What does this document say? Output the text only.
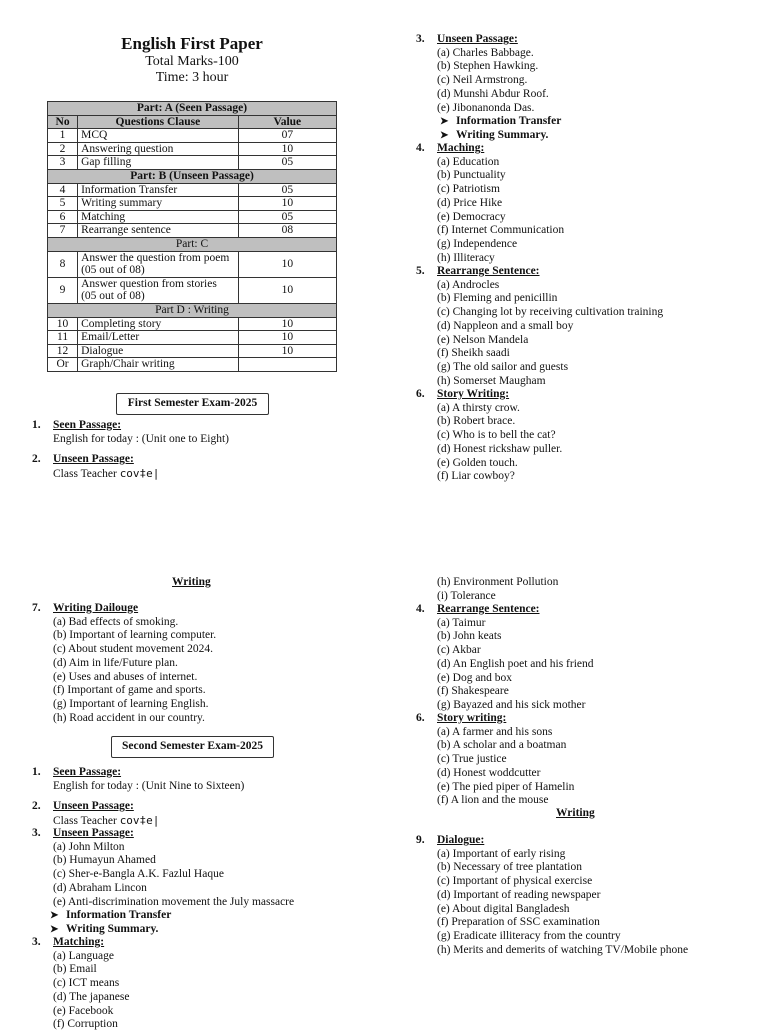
English First Paper
Total Marks-100
Time: 3 hour
Part: A (Seen Passage)		
No	Questions Clause	Value
1	MCQ	07
2	Answering question	10
3	Gap filling	05
Part: B (Unseen Passage)		
4	Information Transfer	05
5	Writing summary	10
6	Matching	05
7	Rearrange sentence	08
Part: C		
8	Answer the question from poem (05 out of 08)	10
9	Answer question from stories (05 out of 08)	10
Part D : Writing		
10	Completing story	10
11	Email/Letter	10
12	Dialogue	10
Or	Graph/Chair writing	
First Semester Exam-2025
1. Seen Passage:
English for today : (Unit one to Eight)
2. Unseen Passage:
Class Teacher cov‡e|
3. Unseen Passage:
(a) Charles Babbage.
(b) Stephen Hawking.
(c) Neil Armstrong.
(d) Munshi Abdur Roof.
(e) Jibonanonda Das.
➤ Information Transfer
➤ Writing Summary.
4. Maching:
(a) Education
(b) Punctuality
(c) Patriotism
(d) Price Hike
(e) Democracy
(f) Internet Communication
(g) Independence
(h) Illiteracy
5. Rearrange Sentence:
(a) Androcles
(b) Fleming and penicillin
(c) Changing lot by receiving cultivation training
(d) Nappleon and a small boy
(e) Nelson Mandela
(f) Sheikh saadi
(g) The old sailor and guests
(h) Somerset Maugham
6. Story Writing:
(a) A thirsty crow.
(b) Robert brace.
(c) Who is to bell the cat?
(d) Honest rickshaw puller.
(e) Golden touch.
(f) Liar cowboy?
Writing
7. Writing Dailouge
(a) Bad effects of smoking.
(b) Important of learning computer.
(c) About student movement 2024.
(d) Aim in life/Future plan.
(e) Uses and abuses of internet.
(f) Important of game and sports.
(g) Important of learning English.
(h) Road accident in our country.
Second Semester Exam-2025
1. Seen Passage:
English for today : (Unit Nine to Sixteen)
2. Unseen Passage:
Class Teacher cov‡e|
3. Unseen Passage:
(a) John Milton
(b) Humayun Ahamed
(c) Sher-e-Bangla A.K. Fazlul Haque
(d) Abraham Lincon
(e) Anti-discrimination movement the July massacre
➤ Information Transfer
➤ Writing Summary.
3. Matching:
(a) Language
(b) Email
(c) ICT means
(d) The japanese
(e) Facebook
(f) Corruption
(h) Environment Pollution
(i) Tolerance
4. Rearrange Sentence:
(a) Taimur
(b) John keats
(c) Akbar
(d) An English poet and his friend
(e) Dog and box
(f) Shakespeare
(g) Bayazed and his sick mother
6. Story writing:
(a) A farmer and his sons
(b) A scholar and a boatman
(c) True justice
(d) Honest woddcutter
(e) The pied piper of Hamelin
(f) A lion and the mouse
Writing
9. Dialogue:
(a) Important of early rising
(b) Necessary of tree plantation
(c) Important of physical exercise
(d) Important of reading newspaper
(e) About digital Bangladesh
(f) Preparation of SSC examination
(g) Eradicate illiteracy from the country
(h) Merits and demerits of watching TV/Mobile phone
